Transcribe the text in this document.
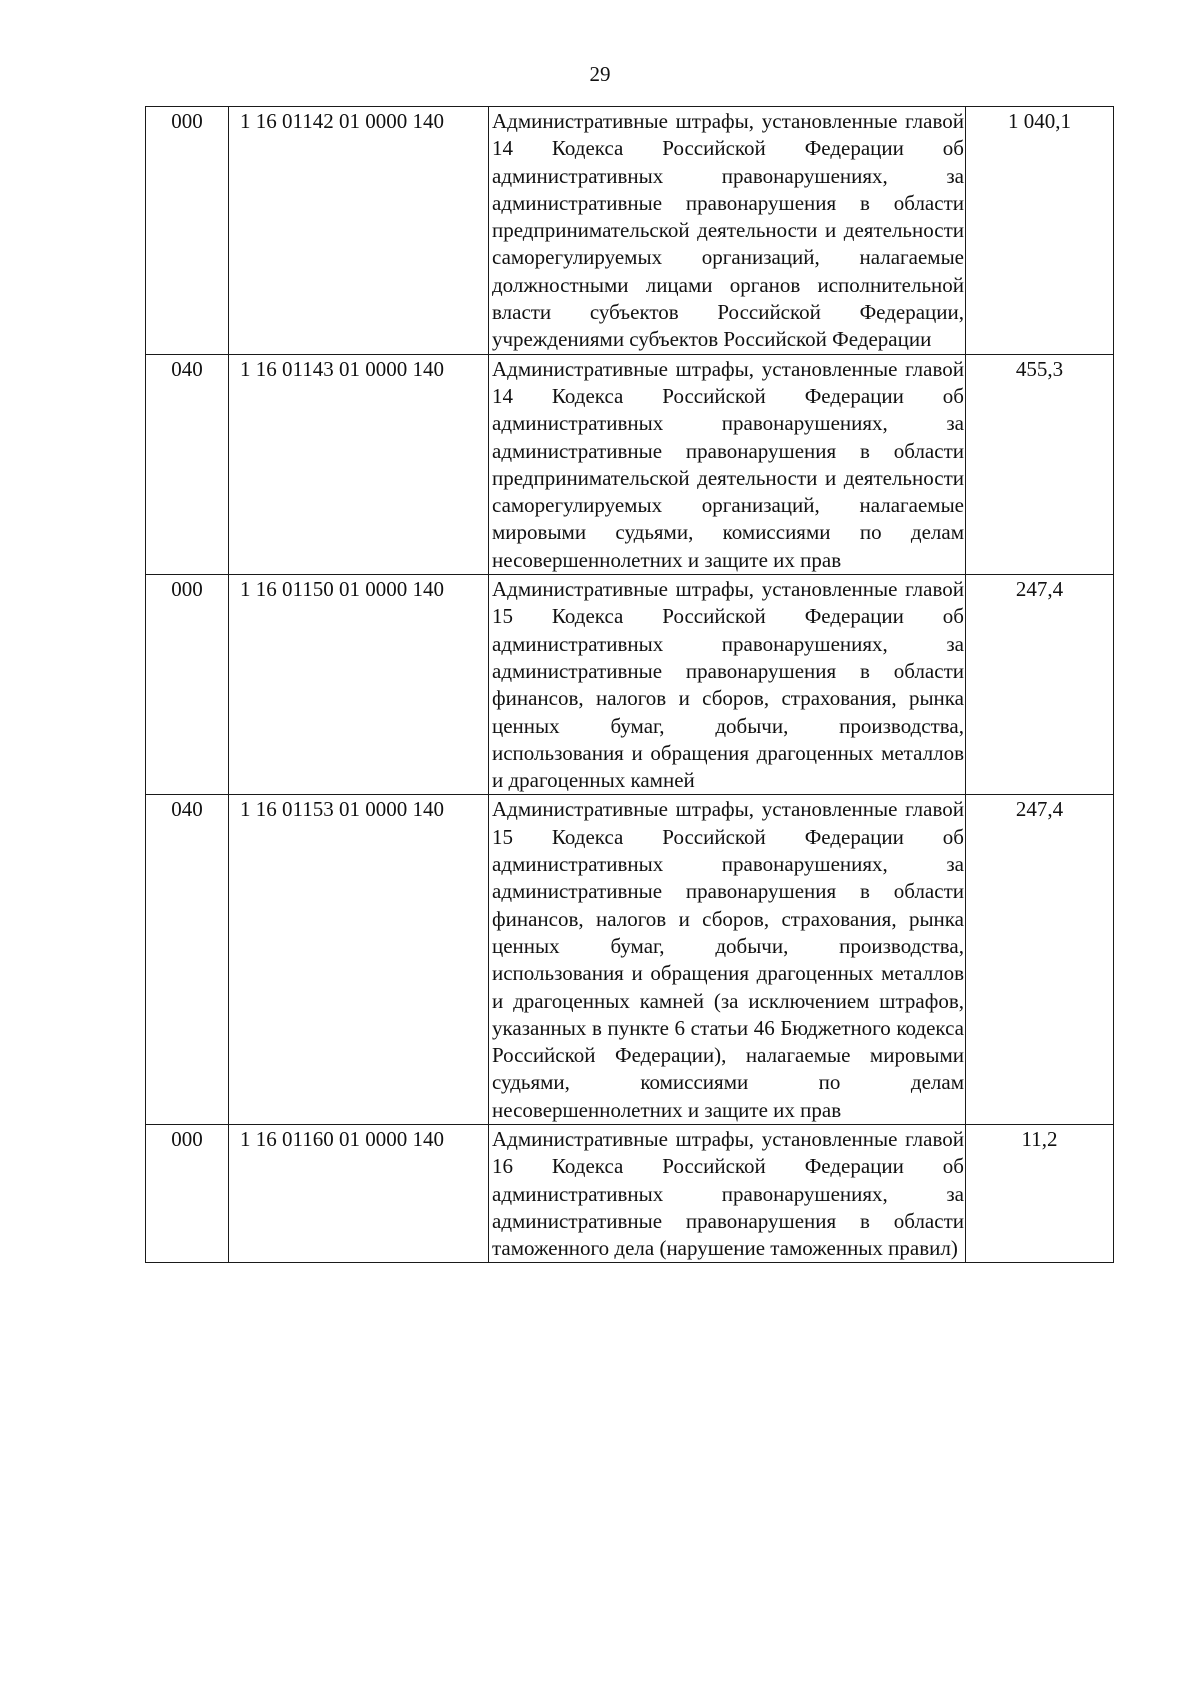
29
000	1 16 01142 01 0000 140	Административные штрафы, установленные главой 14 Кодекса Российской Федерации об административных правонарушениях, за административные правонарушения в области предпринимательской деятельности и деятельности саморегулируемых организаций, налагаемые должностными лицами органов исполнительной власти субъектов Российской Федерации, учреждениями субъектов Российской Федерации	1 040,1
040	1 16 01143 01 0000 140	Административные штрафы, установленные главой 14 Кодекса Российской Федерации об административных правонарушениях, за административные правонарушения в области предпринимательской деятельности и деятельности саморегулируемых организаций, налагаемые мировыми судьями, комиссиями по делам несовершеннолетних и защите их прав	455,3
000	1 16 01150 01 0000 140	Административные штрафы, установленные главой 15 Кодекса Российской Федерации об административных правонарушениях, за административные правонарушения в области финансов, налогов и сборов, страхования, рынка ценных бумаг, добычи, производства, использования и обращения драгоценных металлов и драгоценных камней	247,4
040	1 16 01153 01 0000 140	Административные штрафы, установленные главой 15 Кодекса Российской Федерации об административных правонарушениях, за административные правонарушения в области финансов, налогов и сборов, страхования, рынка ценных бумаг, добычи, производства, использования и обращения драгоценных металлов и драгоценных камней (за исключением штрафов, указанных в пункте 6 статьи 46 Бюджетного кодекса Российской Федерации), налагаемые мировыми судьями, комиссиями по делам несовершеннолетних и защите их прав	247,4
000	1 16 01160 01 0000 140	Административные штрафы, установленные главой 16 Кодекса Российской Федерации об административных правонарушениях, за административные правонарушения в области таможенного дела (нарушение таможенных правил)	11,2
